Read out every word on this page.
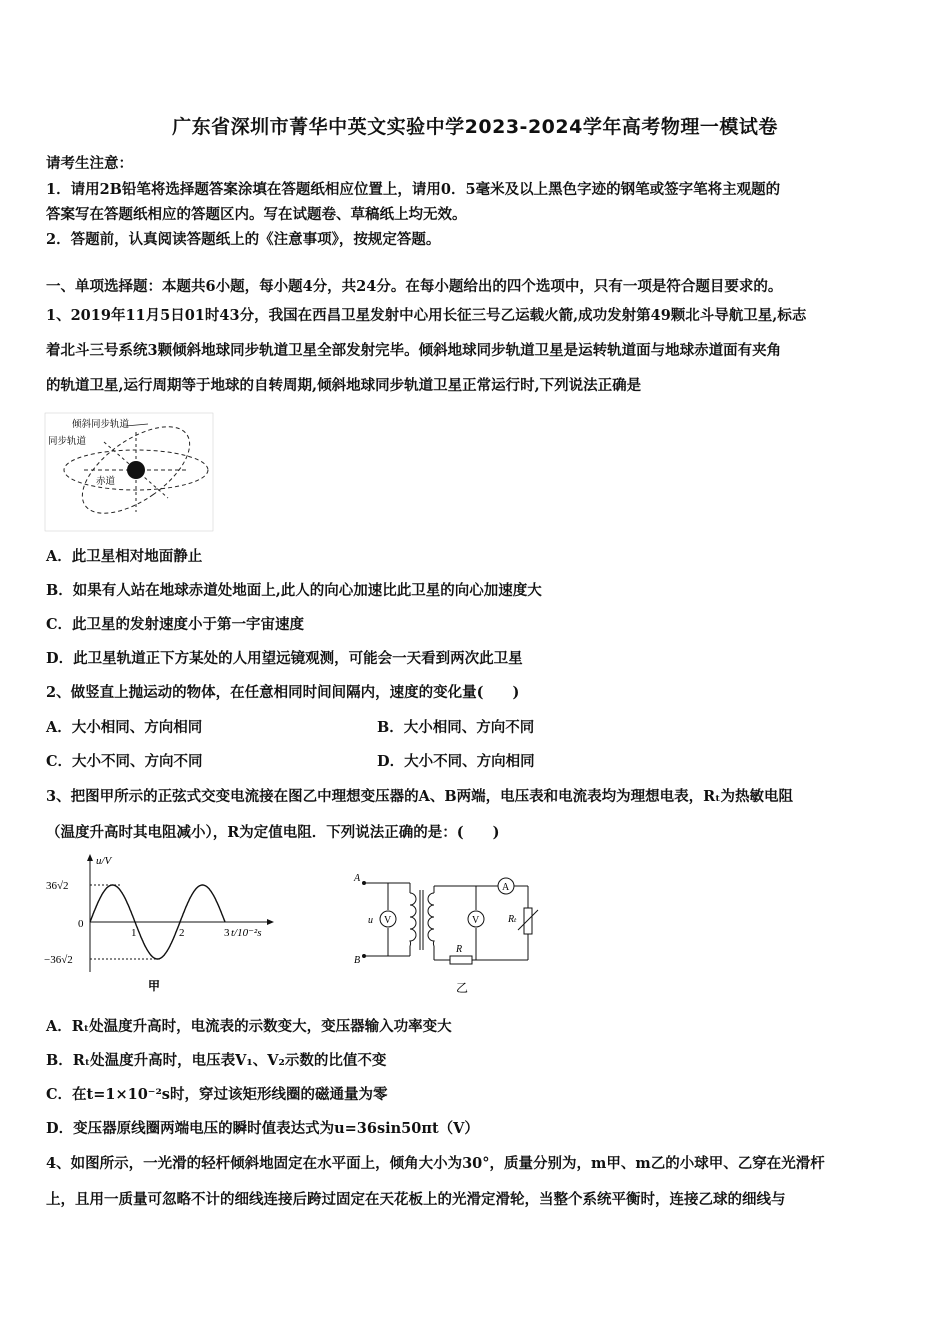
广东省深圳市菁华中英文实验中学2023-2024学年高考物理一模试卷
请考生注意：
1．请用2B铅笔将选择题答案涂填在答题纸相应位置上，请用0．5毫米及以上黑色字迹的钢笔或签字笔将主观题的
答案写在答题纸相应的答题区内。写在试题卷、草稿纸上均无效。
2．答题前，认真阅读答题纸上的《注意事项》，按规定答题。
一、单项选择题：本题共6小题，每小题4分，共24分。在每小题给出的四个选项中，只有一项是符合题目要求的。
1、2019年11月5日01时43分，我国在西昌卫星发射中心用长征三号乙运载火箭,成功发射第49颗北斗导航卫星,标志
着北斗三号系统3颗倾斜地球同步轨道卫星全部发射完毕。倾斜地球同步轨道卫星是运转轨道面与地球赤道面有夹角
的轨道卫星,运行周期等于地球的自转周期,倾斜地球同步轨道卫星正常运行时,下列说法正确是
倾斜同步轨道
同步轨道
赤道
A．此卫星相对地面静止
B．如果有人站在地球赤道处地面上,此人的向心加速比此卫星的向心加速度大
C．此卫星的发射速度小于第一宇宙速度
D．此卫星轨道正下方某处的人用望远镜观测，可能会一天看到两次此卫星
2、做竖直上抛运动的物体，在任意相同时间间隔内，速度的变化量(　　)
A．大小相同、方向相同	B．大小相同、方向不同
C．大小不同、方向不同	D．大小不同、方向相同
3、把图甲所示的正弦式交变电流接在图乙中理想变压器的A、B两端，电压表和电流表均为理想电表，Rₜ为热敏电阻
（温度升高时其电阻减小），R为定值电阻．下列说法正确的是：(　　)
u/V
36√2
0
−36√2
1	2	3 t/10⁻²s
甲
V
A
Rₜ
R
V
A
B
u
乙
A．Rₜ处温度升高时，电流表的示数变大，变压器输入功率变大
B．Rₜ处温度升高时，电压表V₁、V₂示数的比值不变
C．在t=1×10⁻²s时，穿过该矩形线圈的磁通量为零
D．变压器原线圈两端电压的瞬时值表达式为u=36sin50πt（V）
4、如图所示，一光滑的轻杆倾斜地固定在水平面上，倾角大小为30°，质量分别为，m甲、m乙的小球甲、乙穿在光滑杆
上，且用一质量可忽略不计的细线连接后跨过固定在天花板上的光滑定滑轮，当整个系统平衡时，连接乙球的细线与
